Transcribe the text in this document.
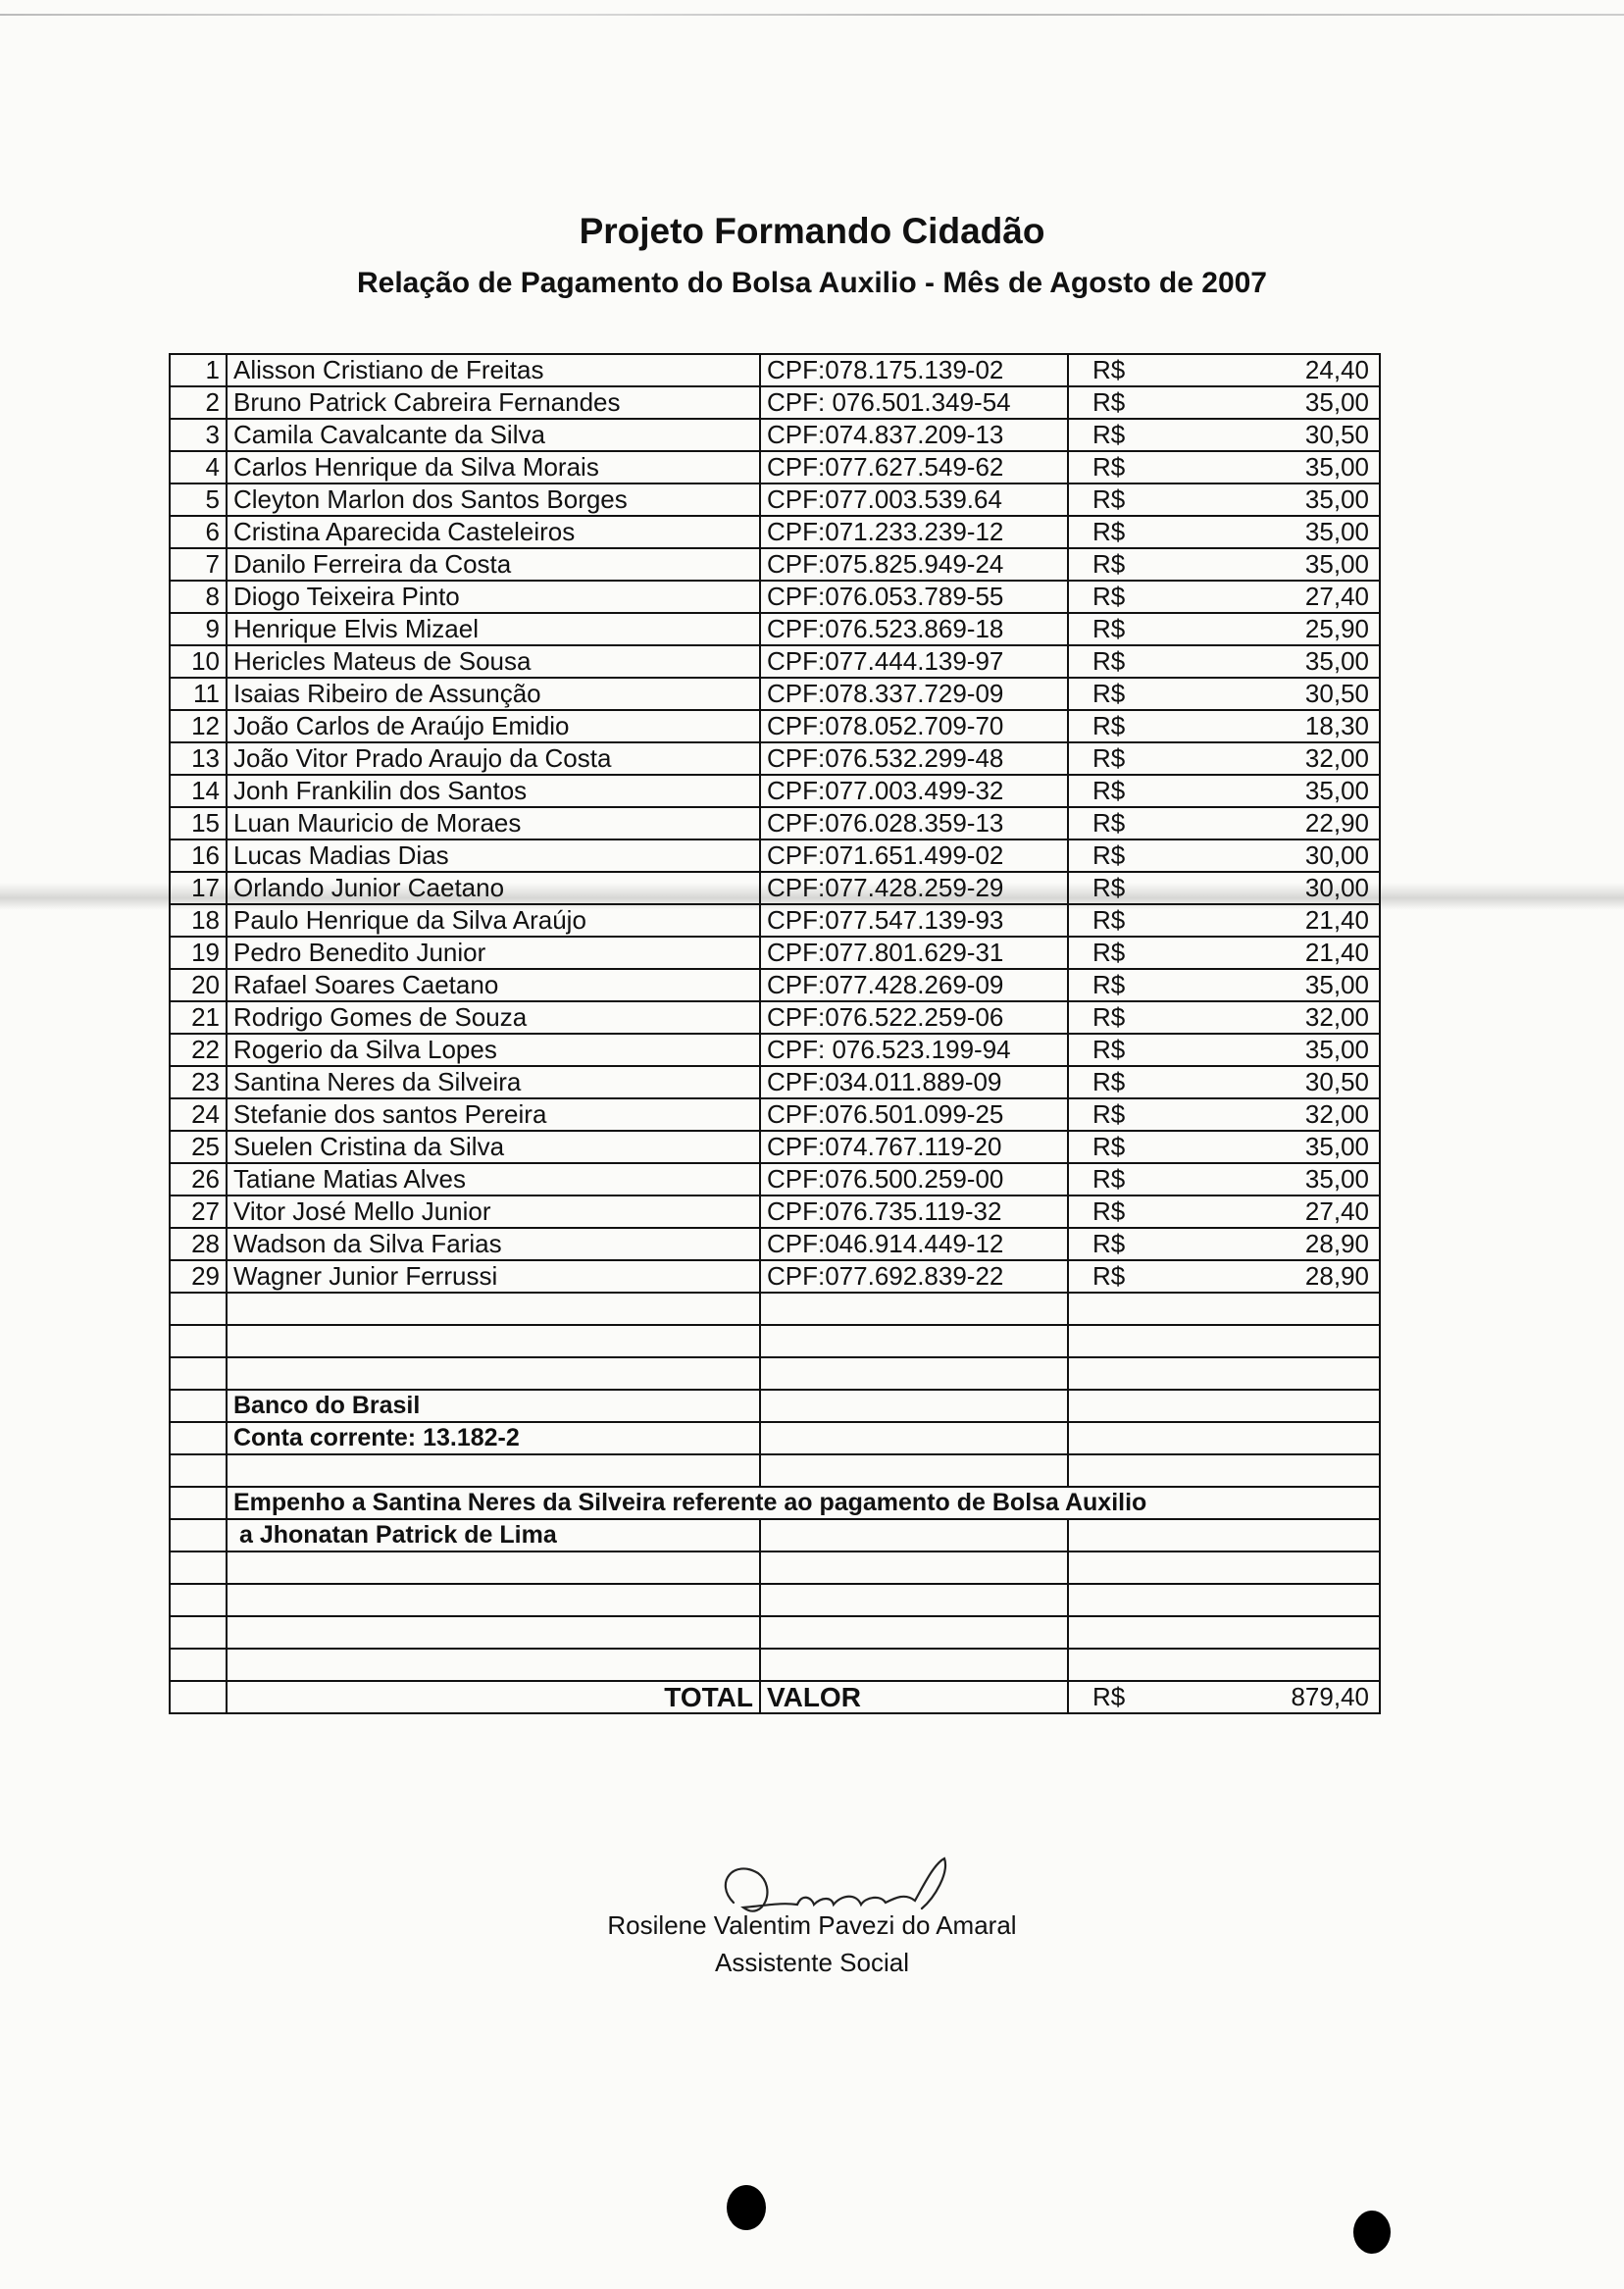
Projeto Formando Cidadão
Relação de Pagamento do Bolsa Auxilio - Mês de Agosto de 2007
1	Alisson Cristiano de Freitas	CPF:078.175.139-02	R$ 24,40

2	Bruno Patrick Cabreira Fernandes	CPF: 076.501.349-54	R$ 35,00

3	Camila Cavalcante da Silva	CPF:074.837.209-13	R$ 30,50

4	Carlos Henrique da Silva Morais	CPF:077.627.549-62	R$ 35,00

5	Cleyton Marlon dos Santos Borges	CPF:077.003.539.64	R$ 35,00

6	Cristina Aparecida Casteleiros	CPF:071.233.239-12	R$ 35,00

7	Danilo Ferreira da Costa	CPF:075.825.949-24	R$ 35,00

8	Diogo Teixeira Pinto	CPF:076.053.789-55	R$ 27,40

9	Henrique Elvis Mizael	CPF:076.523.869-18	R$ 25,90

10	Hericles Mateus de Sousa	CPF:077.444.139-97	R$ 35,00

11	Isaias Ribeiro de Assunção	CPF:078.337.729-09	R$ 30,50

12	João Carlos de Araújo Emidio	CPF:078.052.709-70	R$ 18,30

13	João Vitor Prado Araujo da Costa	CPF:076.532.299-48	R$ 32,00

14	Jonh Frankilin dos Santos	CPF:077.003.499-32	R$ 35,00

15	Luan Mauricio de Moraes	CPF:076.028.359-13	R$ 22,90

16	Lucas Madias Dias	CPF:071.651.499-02	R$ 30,00

17	Orlando Junior Caetano	CPF:077.428.259-29	R$ 30,00

18	Paulo Henrique da Silva Araújo	CPF:077.547.139-93	R$ 21,40

19	Pedro Benedito Junior	CPF:077.801.629-31	R$ 21,40

20	Rafael Soares Caetano	CPF:077.428.269-09	R$ 35,00

21	Rodrigo Gomes de Souza	CPF:076.522.259-06	R$ 32,00

22	Rogerio da Silva Lopes	CPF: 076.523.199-94	R$ 35,00

23	Santina Neres da Silveira	CPF:034.011.889-09	R$ 30,50

24	Stefanie dos santos Pereira	CPF:076.501.099-25	R$ 32,00

25	Suelen Cristina da Silva	CPF:074.767.119-20	R$ 35,00

26	Tatiane Matias Alves	CPF:076.500.259-00	R$ 35,00

27	Vitor José Mello Junior	CPF:076.735.119-32	R$ 27,40

28	Wadson da Silva Farias	CPF:046.914.449-12	R$ 28,90

29	Wagner Junior Ferrussi	CPF:077.692.839-22	R$ 28,90

	Banco do Brasil		
	Conta corrente: 13.182-2		

	Empenho a Santina Neres da Silveira referente ao pagamento de Bolsa Auxilio		
	a Jhonatan Patrick de Lima		

	TOTAL	VALOR	R$ 879,40
Rosilene Valentim Pavezi do Amaral
Assistente Social
